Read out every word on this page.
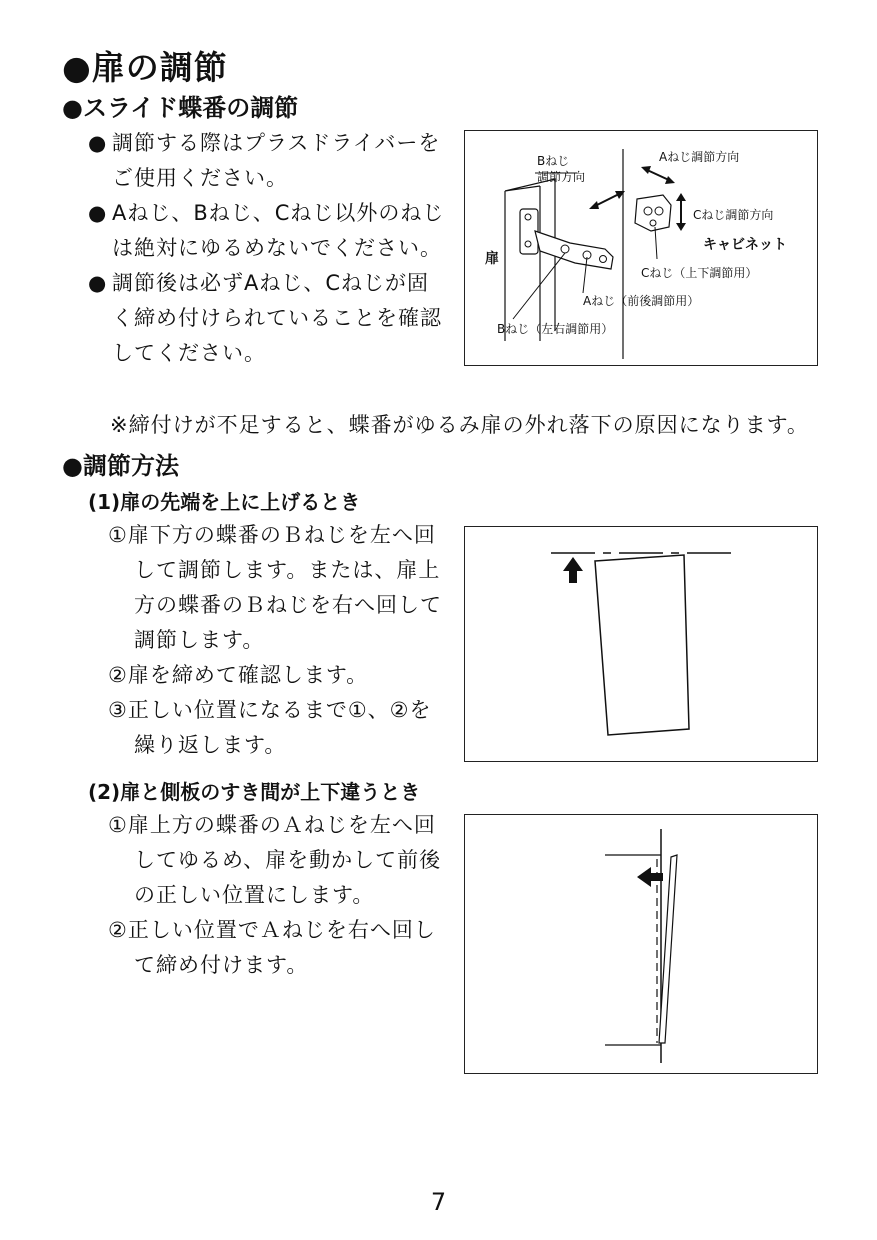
●扉の調節
●スライド蝶番の調節
● 調節する際はプラスドライバーをご使用ください。
● Aねじ、Bねじ、Cねじ以外のねじは絶対にゆるめないでください。
● 調節後は必ずAねじ、Cねじが固く締め付けられていることを確認してください。
※締付けが不足すると、蝶番がゆるみ扉の外れ落下の原因になります。
Bねじ
調節方向
Aねじ調節方向
Cねじ調節方向
キャビネット
扉
Cねじ（上下調節用）
Aねじ（前後調節用）
Bねじ（左右調節用）
●調節方法
(1)扉の先端を上に上げるとき
①扉下方の蝶番のＢねじを左へ回して調節します。または、扉上方の蝶番のＢねじを右へ回して調節します。
②扉を締めて確認します。
③正しい位置になるまで①、②を繰り返します。
(2)扉と側板のすき間が上下違うとき
①扉上方の蝶番のＡねじを左へ回してゆるめ、扉を動かして前後の正しい位置にします。
②正しい位置でＡねじを右へ回して締め付けます。
7
